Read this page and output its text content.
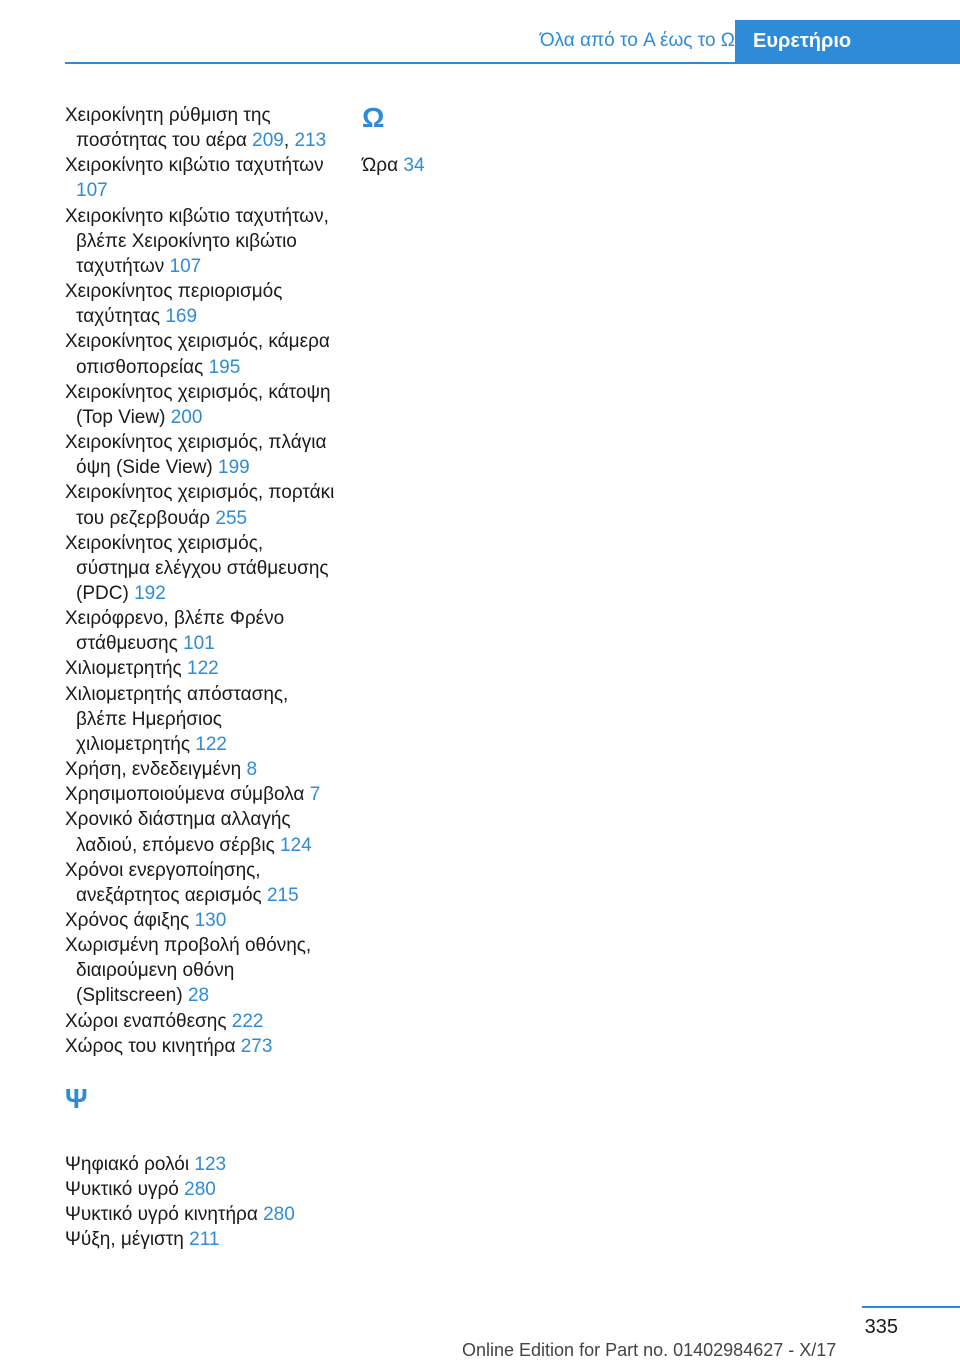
Όλα από το A έως το Ω Ευρετήριο
Χειροκίνητη ρύθμιση της ποσότητας του αέρα 209, 213
Χειροκίνητο κιβώτιο ταχυτήτων 107
Χειροκίνητο κιβώτιο ταχυτήτων, βλέπε Χειροκίνητο κιβώτιο ταχυτήτων 107
Χειροκίνητος περιορισμός ταχύτητας 169
Χειροκίνητος χειρισμός, κάμερα οπισθοπορείας 195
Χειροκίνητος χειρισμός, κάτοψη (Top View) 200
Χειροκίνητος χειρισμός, πλάγια όψη (Side View) 199
Χειροκίνητος χειρισμός, πορτάκι του ρεζερβουάρ 255
Χειροκίνητος χειρισμός, σύστημα ελέγχου στάθμευσης (PDC) 192
Χειρόφρενο, βλέπε Φρένο στάθμευσης 101
Χιλιομετρητής 122
Χιλιομετρητής απόστασης, βλέπε Ημερήσιος χιλιομετρητής 122
Χρήση, ενδεδειγμένη 8
Χρησιμοποιούμενα σύμβολα 7
Χρονικό διάστημα αλλαγής λαδιού, επόμενο σέρβις 124
Χρόνοι ενεργοποίησης, ανεξάρτητος αερισμός 215
Χρόνος άφιξης 130
Χωρισμένη προβολή οθόνης, διαιρούμενη οθόνη (Splitscreen) 28
Χώροι εναπόθεσης 222
Χώρος του κινητήρα 273
Ψ
Ψηφιακό ρολόι 123
Ψυκτικό υγρό 280
Ψυκτικό υγρό κινητήρα 280
Ψύξη, μέγιστη 211
Ω
Ώρα 34
335
Online Edition for Part no. 01402984627 - X/17
